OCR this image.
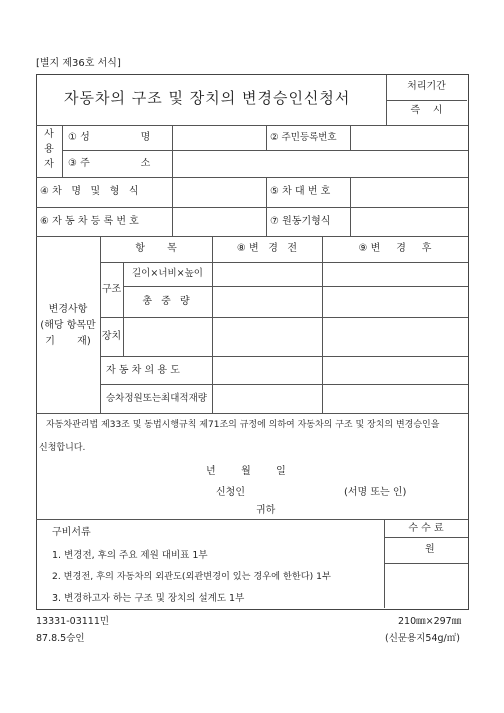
[별지 제36호 서식]
자동차의 구조 및 장치의 변경승인신청서
처리기간
즉    시
사
용
자
① 성                명	② 주민등록번호
③ 주                소
④ 차   명   및   형   식	⑤ 차 대 번 호
⑥ 자 동 차 등 록 번 호	⑦ 원동기형식
변경사항
(해당 항목만
기       재)
항       목	⑧ 변   경   전	⑨ 변     경     후
구조
길이×너비×높이
총 중 량
장치
자 동 차 의 용 도
승차정원또는최대적재량
자동차관리법 제33조 및 동법시행규칙 제71조의 규정에 의하여 자동차의 구조 및 장치의 변경승인을
신청합니다.
년        월        일
신청인	(서명 또는 인)
귀하
구비서류
1. 변경전, 후의 주요 제원 대비표 1부
2. 변경전, 후의 자동차의 외관도(외관변경이 있는 경우에 한한다) 1부
3. 변경하고자 하는 구조 및 장치의 설계도 1부
수 수 료
원
13331-03111민
87.8.5승인
210㎜×297㎜
(신문용지54g/㎡)
